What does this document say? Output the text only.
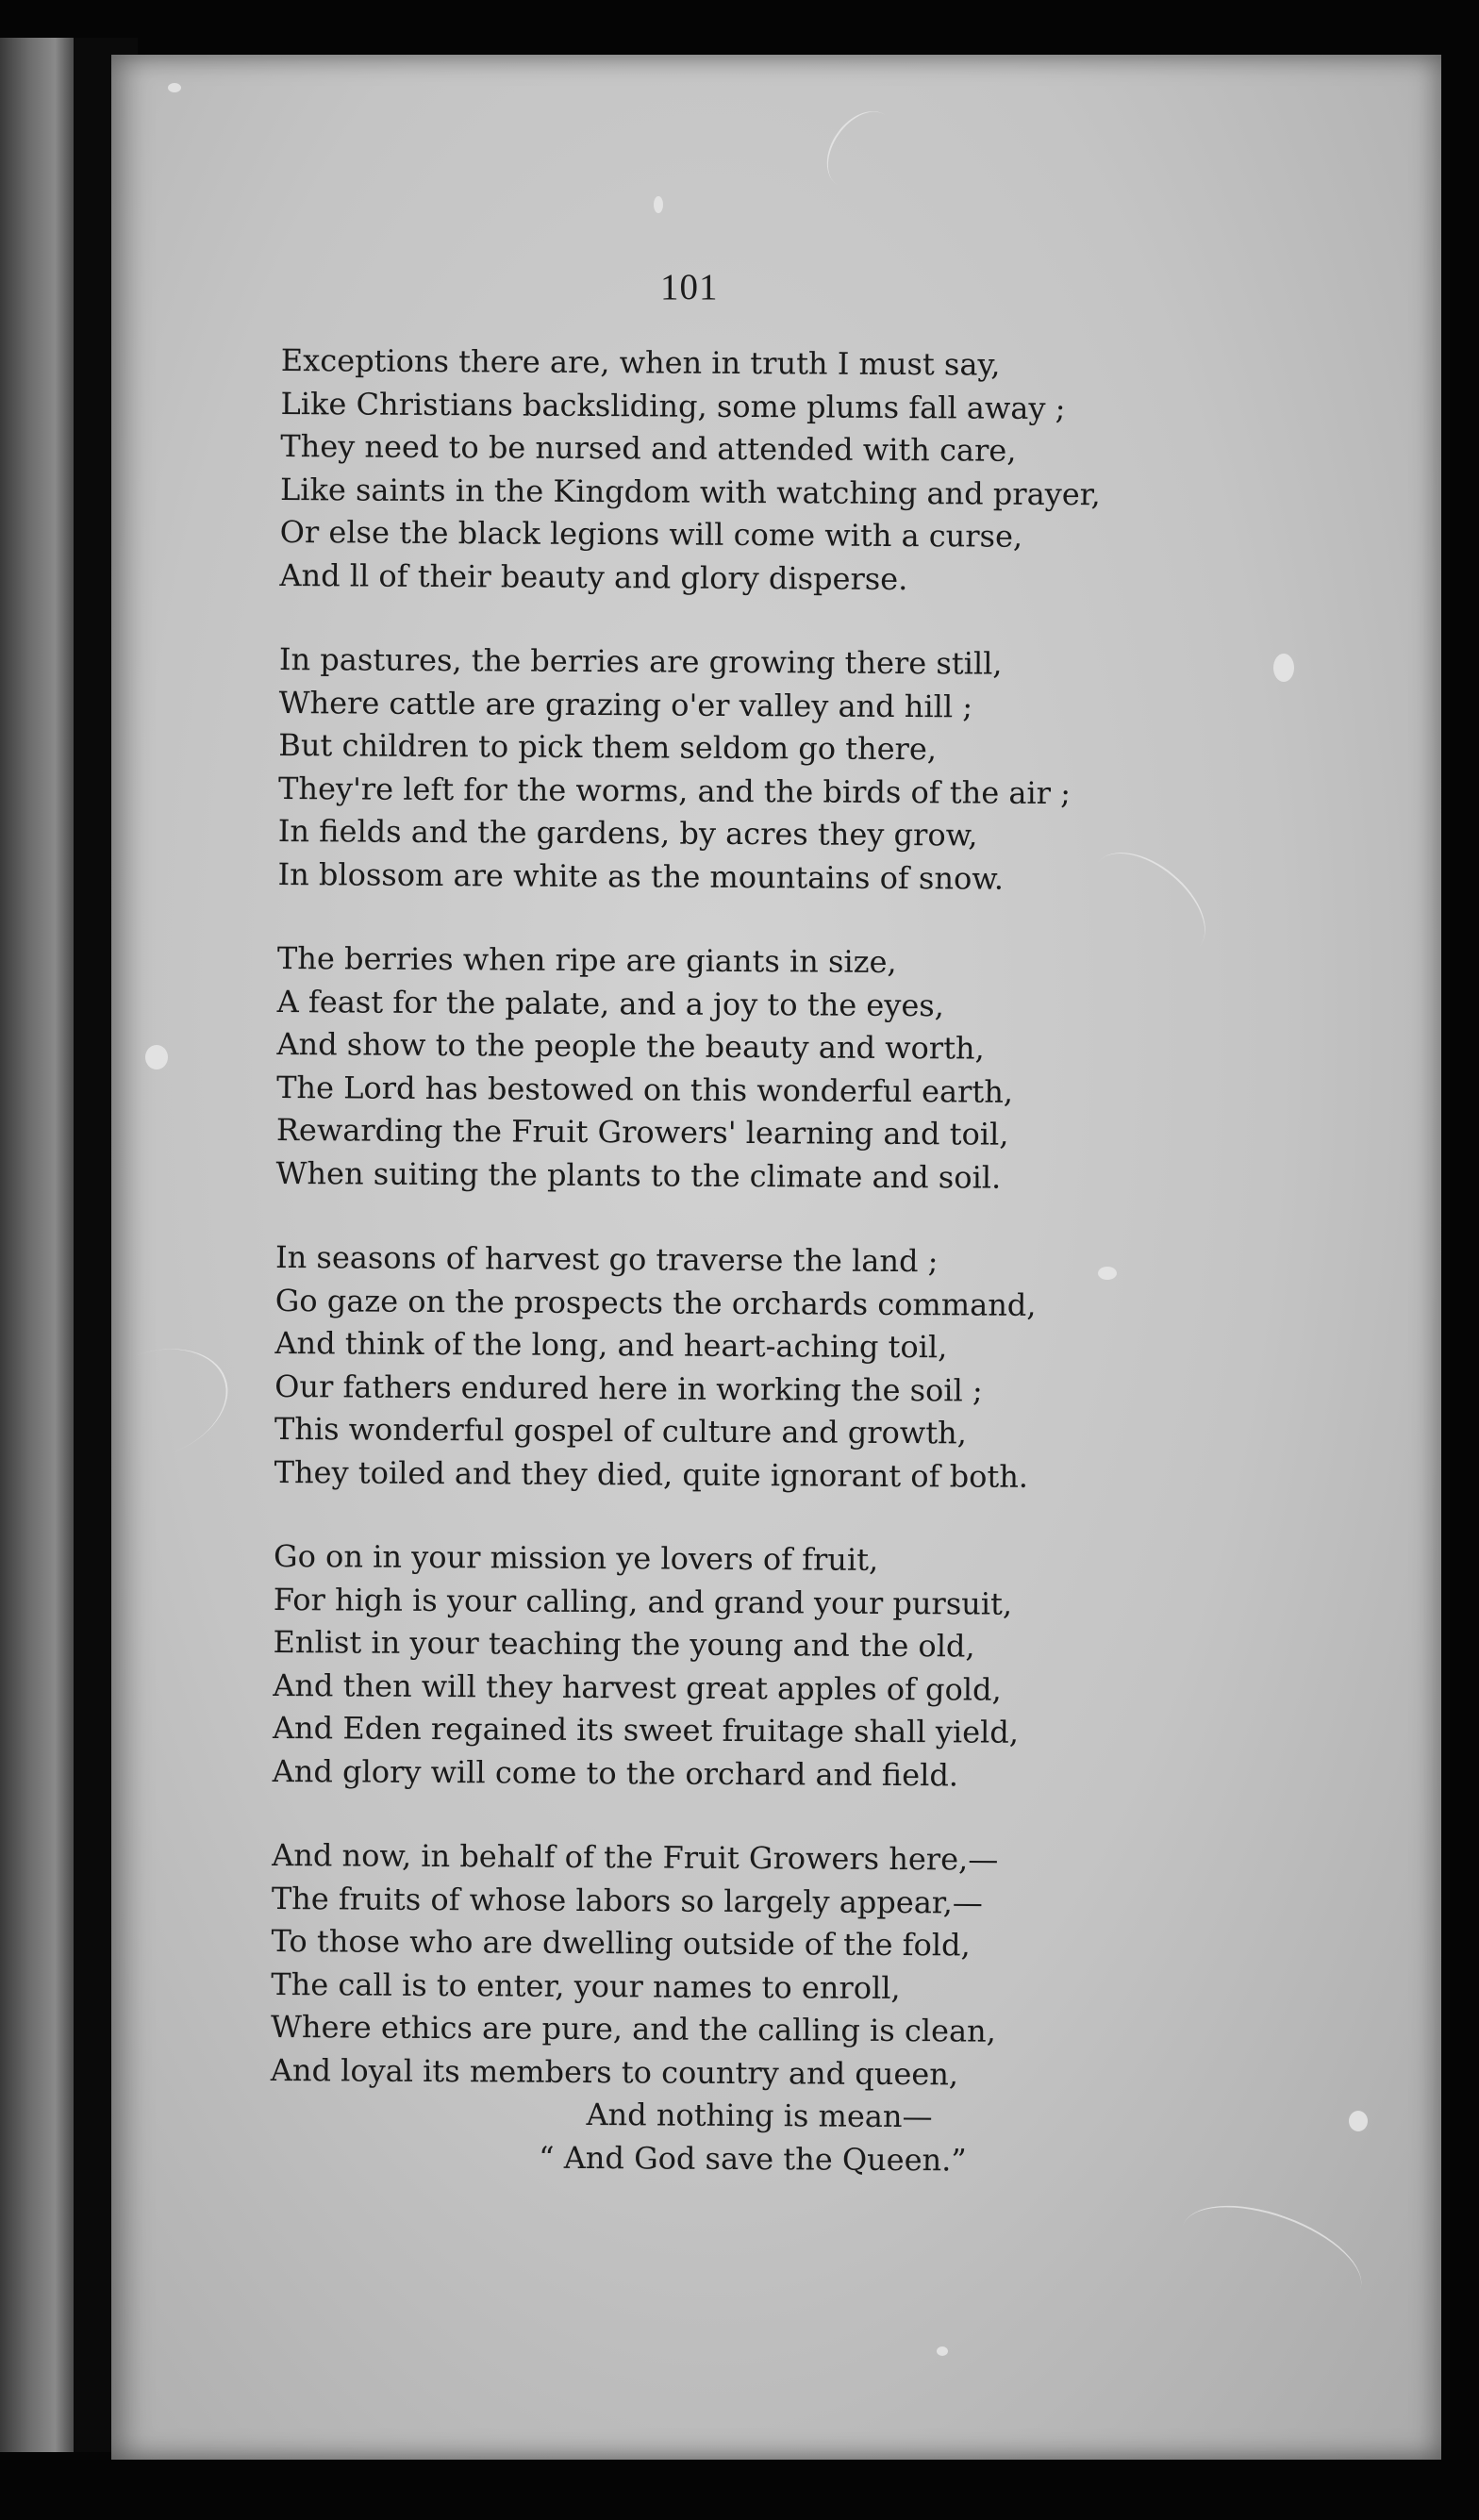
101
Exceptions there are, when in truth I must say,
Like Christians backsliding, some plums fall away ;
They need to be nursed and attended with care,
Like saints in the Kingdom with watching and prayer,
Or else the black legions will come with a curse,
And ll of their beauty and glory disperse.
In pastures, the berries are growing there still,
Where cattle are grazing o'er valley and hill ;
But children to pick them seldom go there,
They're left for the worms, and the birds of the air ;
In fields and the gardens, by acres they grow,
In blossom are white as the mountains of snow.
The berries when ripe are giants in size,
A feast for the palate, and a joy to the eyes,
And show to the people the beauty and worth,
The Lord has bestowed on this wonderful earth,
Rewarding the Fruit Growers' learning and toil,
When suiting the plants to the climate and soil.
In seasons of harvest go traverse the land ;
Go gaze on the prospects the orchards command,
And think of the long, and heart-aching toil,
Our fathers endured here in working the soil ;
This wonderful gospel of culture and growth,
They toiled and they died, quite ignorant of both.
Go on in your mission ye lovers of fruit,
For high is your calling, and grand your pursuit,
Enlist in your teaching the young and the old,
And then will they harvest great apples of gold,
And Eden regained its sweet fruitage shall yield,
And glory will come to the orchard and field.
And now, in behalf of the Fruit Growers here,—
The fruits of whose labors so largely appear,—
To those who are dwelling outside of the fold,
The call is to enter, your names to enroll,
Where ethics are pure, and the calling is clean,
And loyal its members to country and queen,
And nothing is mean—
“ And God save the Queen.”
